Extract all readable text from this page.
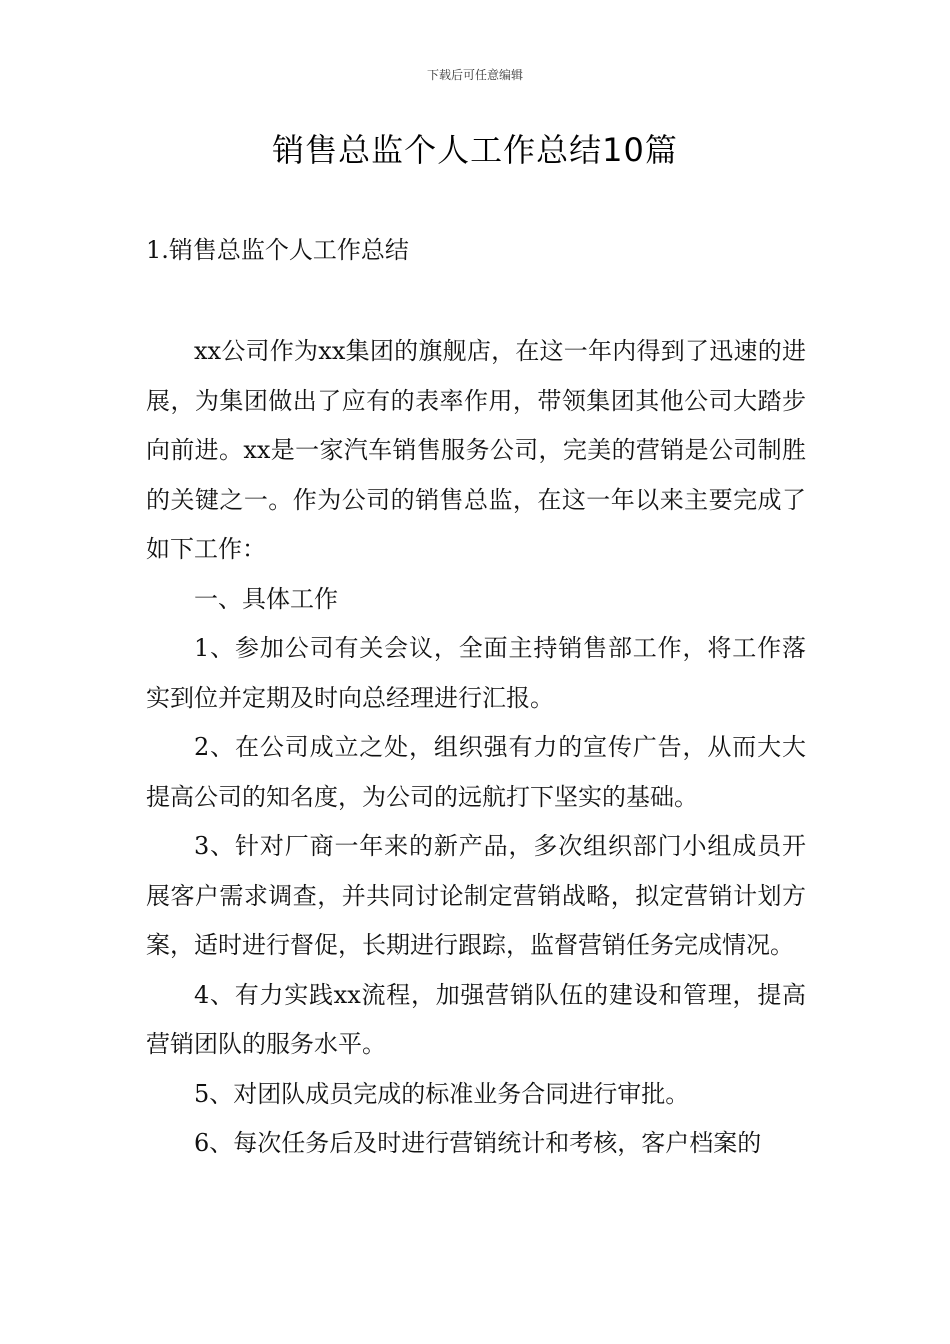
下载后可任意编辑
销售总监个人工作总结10篇
1.销售总监个人工作总结

xx公司作为xx集团的旗舰店，在这一年内得到了迅速的进展，为集团做出了应有的表率作用，带领集团其他公司大踏步向前进。xx是一家汽车销售服务公司，完美的营销是公司制胜的关键之一。作为公司的销售总监，在这一年以来主要完成了如下工作：

一、具体工作

1、参加公司有关会议，全面主持销售部工作，将工作落实到位并定期及时向总经理进行汇报。

2、在公司成立之处，组织强有力的宣传广告，从而大大提高公司的知名度，为公司的远航打下坚实的基础。

3、针对厂商一年来的新产品，多次组织部门小组成员开展客户需求调查，并共同讨论制定营销战略，拟定营销计划方案，适时进行督促，长期进行跟踪，监督营销任务完成情况。

4、有力实践xx流程，加强营销队伍的建设和管理，提高营销团队的服务水平。

5、对团队成员完成的标准业务合同进行审批。

6、每次任务后及时进行营销统计和考核，客户档案的
